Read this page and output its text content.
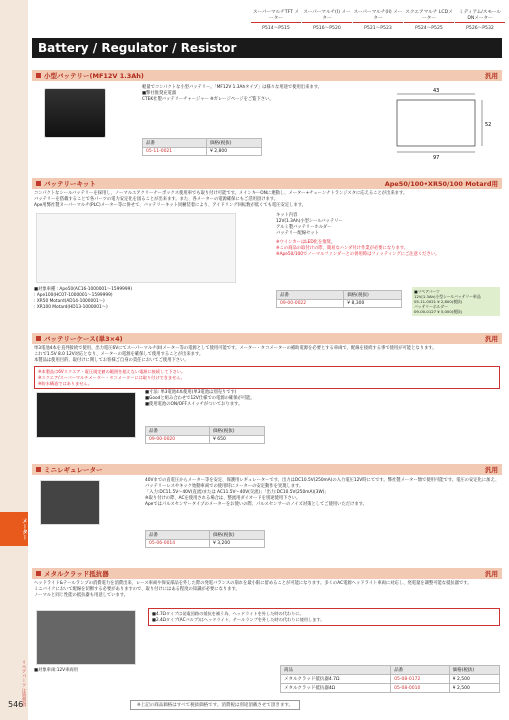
メーター
リペアパーツ 注意事項
スーパーマルチTFT メーター
P514〜P515
スーパーマルチ(I) メーター
P516〜P520
スーパーマルチ(II) メーター
P521〜P523
スクエアマルチ LCDメーター
P524〜P525
ミディアム/スモール DNメーター
P526〜P532
Battery / Regulator / Resistor
小型バッテリー(MF12V 1.3Ah)	汎用
軽量でコンパクトな小型バッテリー。「MF12V 1.3Ahタイプ」は様々な用途で使用出来ます。
■弊社推奨充電器
CTEK社製バッテリーチャージャー ※ガレージページをご覧下さい。
43
97
52
品番	価格(税抜)
05-11-0021	¥ 2,800
バッテリーキット	Ape50/100•XR50/100 Motard用
コンパクトなシールバッテリーを採用し、ノーマルエアクリーナーボックス使用車でも取り付け可能です。メインキーONに連動し、メーター+チューンナトランジスタに応えることが出来ます。
バッテリーを搭載することで各パーツの電力安定化を図ることが出来ます。また、各メーターの電源確保にもご活用頂けます。
Ape用弊社製ヌーパーマルチ(PLC)メーター等に併せて、バッテリーキット同梱装着により、アイドリング回転数が低くても電圧安定します。
キット内容
12V(1.3Ah)小型シールバッテリー
アルミ製バッテリーホルダー
バッテリー配線セット
※ウインカーはLED化を推奨。
※この商品の取付けの際、簡易なハンダ付け作業が必要になります。
※Ape50/100でノーマルファンダーとの併用時はフィッティングにご注意ください。
■対象車種 : Ape50(AC16-1000001〜1599999)
: Ape100(HC07-1000001〜1599999)
: XR50 Motard(AD14-1000001〜)
: XR100 Motard(HD13-1000001〜)
品番	価格(税抜)
09-00-0022	¥ 8,300
■リペアパーツ
12V(1.3Ah)小型シールバッテリー単品
05-11-0021 ¥ 2,800(税抜)
バッテリーホルダー
09-00-0127 ¥ 5,000(税抜)
バッテリーケース(単3×4)	汎用
単3電池4本を直列接続で使用、出力電圧6Vにてスーパーマルチ(II)メーター等の電源として使用可能です。メーター・タコメーターの補助電源を必要とする車両で、配線を接続する事で使用が可能となります。
これで1.5V 8.0 12V対応となり、メーターの電源を確保して使用することが出来ます。
本製品は使用目的、取付けに関してお客様ご自身の責任においてご使用下さい。
※本製品は6Vスクエア・電圧規定値の範囲を超えない電源に接続して下さい。
※スクエア/スーパーマルチメーター・タコメーターには取り付けできません。
※防水構造ではありません。
■寸法: 単3電池4本使用(単3電池は別売りです)
■Goodと組み合わせで12V仕様での電源の確保が可能。
■使用電池のON/OFFスイッチがついております。
品番	価格(税抜)
09-00-0020	¥ 650
ミニレギュレーター	汎用
40Vまでの直電圧からメーター等を安定、保護用レギュレーターです。出力はDC10.5V(250mA)の入力電圧12V時にてです。弊社製メーター類で使用可能です。電圧の安定化に加え、バッテリーレスやキック始動車両での使用時にメーターの安定動作を実現します。
「入力:DC11.5V〜40V(直流)または AC11.5V〜40V(交流)」「出力:DC10.5V(250mA)(3W)」
※取り付けの際、ACを使用される場合は、整流用ダイオードを別途使用下さい。
Apeではパルスセンサータイプのメーターをお使いの際、パルスセンサーのノイズ対策としてご使用いただけます。
品番	価格(税抜)
05-06-0014	¥ 3,200
メタルクラッド抵抗器	汎用
ヘッドライト&テールランプの消費電力を消費出来、レース車両や保安部品を外した際の発電バランスの崩れを最小限に留めることが可能になります。多くのAC電源ヘッドライト車両に対応し、発電量を調整可能な抵抗器です。
ミニバイクにおいて配線を切断する必要がありますので、取り付けにはある程度の知識が必要になります。
ノーマルと同じ性能の抵抗器も用意しています。
■4.7Ωタイプは発電回路の抵抗を補う為、ヘッドライトを外した時の代わりに。
■2.4Ωタイプ(ACバルブ)はヘッドライト、テールランプを外した時の代わりに使用します。
■対象車両:12V車両用	商品	品番	価格(税抜)
メタルクラッド抵抗器4.7Ω	05-08-0172	¥ 2,500
メタルクラッド抵抗器4Ω	05-08-0010	¥ 2,500
※上記の商品価格はすべて税抜価格です。消費税は別途頂戴させて頂きます。
546
